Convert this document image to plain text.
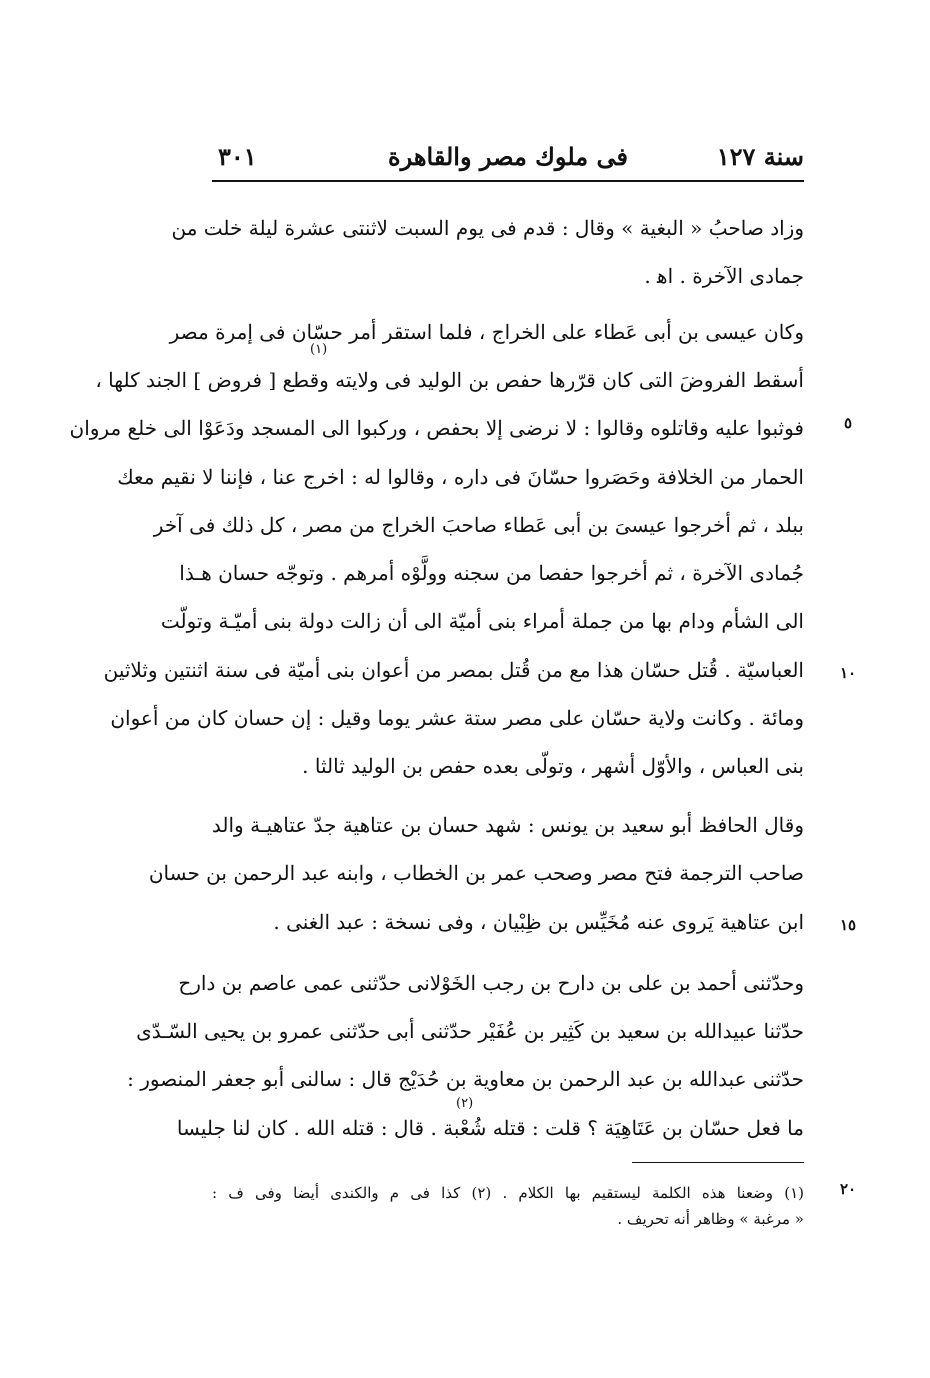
سنة ١٢٧
فى ملوك مصر والقاهرة
٣٠١
وزاد صاحبُ « البغية » وقال : قدم فى يوم السبت لاثنتى عشرة ليلة خلت من
جمادى الآخرة . اﻫ .
وكان عيسى بن أبى عَطاء على الخراج ، فلما استقر أمر حسّان فى إمرة مصر
أسقط الفروضَ التى كان قرّرها حفص بن الوليد فى ولايته وقطع [ فروض ] الجند كلها ،
فوثبوا عليه وقاتلوه وقالوا : لا نرضى إلا بحفص ، وركبوا الى المسجد ودَعَوْا الى خلع مروان
الحمار من الخلافة وحَصَروا حسّانَ فى داره ، وقالوا له : اخرج عنا ، فإننا لا نقيم معك
ببلد ، ثم أخرجوا عيسىَ بن أبى عَطاء صاحبَ الخراج من مصر ، كل ذلك فى آخر
جُمادى الآخرة ، ثم أخرجوا حفصا من سجنه وولَّوْه أمرهم . وتوجّه حسان هـذا
الى الشأم ودام بها من جملة أمراء بنى أميّة الى أن زالت دولة بنى أميّـة وتولّت
العباسيّة . قُتل حسّان هذا مع من قُتل بمصر من أعوان بنى أميّة فى سنة اثنتين وثلاثين
ومائة . وكانت ولاية حسّان على مصر ستة عشر يوما وقيل : إن حسان كان من أعوان
بنى العباس ، والأوّل أشهر ، وتولّى بعده حفص بن الوليد ثالثا .
وقال الحافظ أبو سعيد بن يونس : شهد حسان بن عتاهية جدّ عتاهيـة والد
صاحب الترجمة فتح مصر وصحب عمر بن الخطاب ، وابنه عبد الرحمن بن حسان
ابن عتاهية يَروى عنه مُخَيِّس بن ظِبْيان ، وفى نسخة : عبد الغنى .
وحدّثنى أحمد بن على بن دارح بن رجب الخَوْلانى حدّثنى عمى عاصم بن دارح
حدّثنا عبيدالله بن سعيد بن كَثِير بن عُفَيْر حدّثنى أبى حدّثنى عمرو بن يحيى السّـدّى
حدّثنى عبدالله بن عبد الرحمن بن معاوية بن حُدَيْج قال : سالنى أبو جعفر المنصور :
ما فعل حسّان بن عَتَاهِيَة ؟ قلت : قتله شُعْبة . قال : قتله الله . كان لنا جليسا
٥
١٠
١٥
٢٠
(١)
(٢)
(١) وضعنا هذه الكلمة ليستقيم بها الكلام . (٢) كذا فى م والكندى أيضا وفى ف :
« مرغبة » وظاهر أنه تحريف .
